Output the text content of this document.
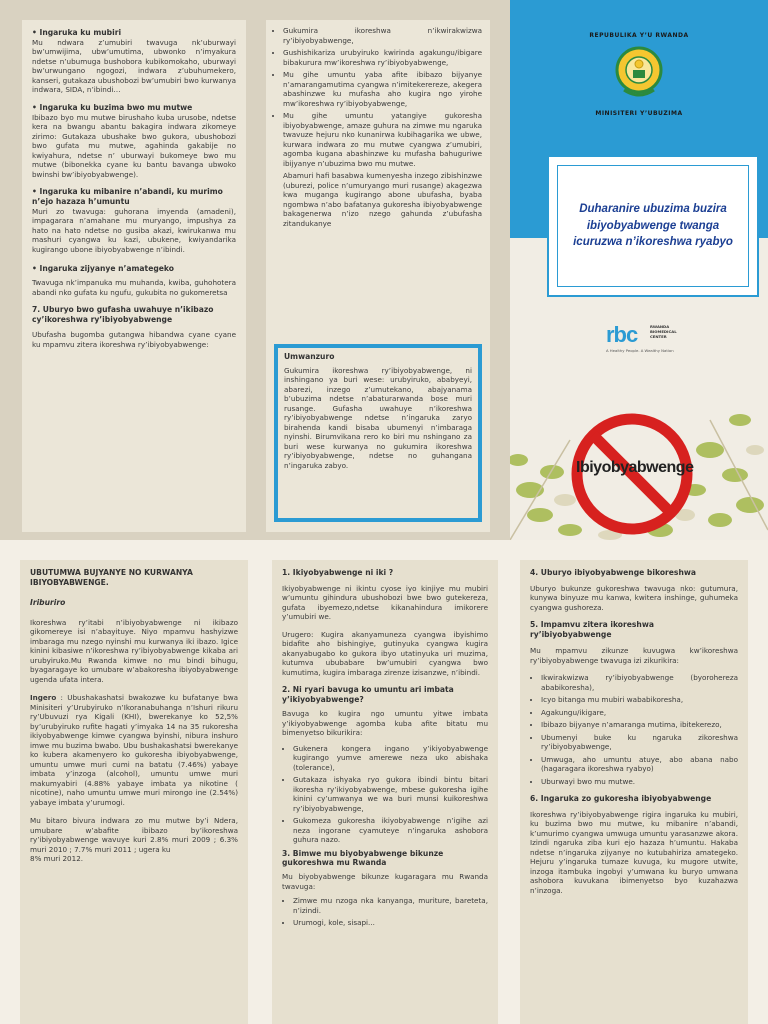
• Ingaruka ku mubiri

Mu ndwara z’umubiri twavuga nk’uburwayi bw’umwijima, ubw’umutima, ubwonko n’imyakura ndetse n’ubumuga bushobora kubikomokaho, uburwayi bw’urwungano ngogozi, indwara z’ubuhumekero, kanseri, gutakaza ubushobozi bw’umubiri bwo kurwanya indwara, SIDA, n’ibindi…

• Ingaruka ku buzima bwo mu mutwe

Ibibazo byo mu mutwe birushaho kuba urusobe, ndetse kera na bwangu abantu bakagira indwara zikomeye zirimo: Gutakaza ubushake bwo gukora, ubushobozi bwo gufata mu mutwe, agahinda gakabije no kwiyahura, ndetse n’ uburwayi bukomeye bwo mu mutwe (bibonekka cyane ku bantu bavanga ubwoko bwinshi bw’ibiyobyabwenge).

• Ingaruka ku mibanire n’abandi, ku murimo n’ejo hazaza h’umuntu

Muri zo twavuga: guhorana imyenda (amadeni), impagarara n’amahane mu muryango, impushya za hato na hato ndetse no gusiba akazi, kwirukanwa mu mashuri cyangwa ku kazi, ubukene, kwiyandarika kugirango ubone ibiyobyabwenge n’ibindi.

• Ingaruka zijyanye n’amategeko

Twavuga nk’impanuka mu muhanda, kwiba, guhohotera abandi nko gufata ku ngufu, gukubita no gukomeretsa

7. Uburyo bwo gufasha uwahuye n’ikibazo cy’ikoreshwa ry’ibiyobyabwenge

Ubufasha bugomba gutangwa hibandwa cyane cyane ku mpamvu zitera ikoreshwa ry’ibiyobyabwenge:

• Gukumira ikoreshwa n’ikwirakwizwa ry’ibiyobyabwenge,
• Gushishikariza urubyiruko kwirinda agakungu/ibigare bibakurura mw’ikoreshwa ry’ibiyobyabwenge,
• Mu gihe umuntu yaba afite ibibazo bijyanye n’amarangamutima cyangwa n’imitekerereze, akegera abashinzwe ku mufasha aho kugira ngo yirohe mw’ikoreshwa ry’ibiyobyabwenge,
• Mu gihe umuntu yatangiye gukoresha ibiyobyabwenge, amaze guhura na zimwe mu ngaruka twavuze hejuru nko kunanirwa kubihagarika we ubwe, kurwara indwara zo mu mutwe cyangwa z’umubiri, agomba kugana abashinzwe ku mufasha bahuguriwe ibijyanye n’ubuzima bwo mu mutwe.

Abamuri hafi basabwa kumenyesha inzego zibishinzwe (uburezi, police n’umuryango muri rusange) akagezwa kwa muganga kugirango abone ubufasha, byaba ngombwa n’abo bafatanya gukoresha ibiyobyabwenge bakagenerwa n’izo nzego gahunda z’ubufasha zitandukanye

Umwanzuro

Gukumira ikoreshwa ry’ibiyobyabwenge, ni inshingano ya buri wese: urubyiruko, ababyeyi, abarezi, inzego z’umutekano, abajyanama b’ubuzima ndetse n’abaturarwanda bose muri rusange. Gufasha uwahuye n’ikoreshwa ry’ibiyobyabwenge ndetse n’ingaruka zaryo birahenda kandi bisaba ubumenyi n’imbaraga nyinshi. Birumvikana rero ko biri mu nshingano za buri wese kurwanya no gukumira ikoreshwa ry’ibiyobyabwenge, ndetse no guhangana n’ingaruka zabyo.

REPUBULIKA Y’U RWANDA
MINISITERI Y’UBUZIMA

Duharanire ubuzima buzira ibiyobyabwenge twanga icuruzwa n’ikoreshwa ryabyo

rbc	RWANDA BIOMEDICAL CENTER
A Healthy People. A Wealthy Nation
Ibiyobyabwenge

UBUTUMWA BUJYANYE NO KURWANYA IBIYOBYABWENGE.

Iriburiro

Ikoreshwa ry’itabi n’ibiyobyabwenge ni ikibazo gikomereye isi n’abayituye. Niyo mpamvu hashyizwe imbaraga mu nzego nyinshi mu kurwanya iki ibazo. Igice kinini kibasiwe n’ikoreshwa ry’ibiyobyabwenge kikaba ari urubyiruko.Mu Rwanda kimwe no mu bindi bihugu, byagaragaye ko umubare w’abakoresha ibiyobyabwenge ugenda ufata intera.

Ingero : Ubushakashatsi bwakozwe ku bufatanye bwa Minisiteri y’Urubyiruko n’Ikoranabuhanga n’Ishuri rikuru ry’Ubuvuzi rya Kigali (KHI), bwerekanye ko 52,5% by’urubyiruko rufite hagati y’imyaka 14 na 35 rukoresha ikiyobyabwenge kimwe cyangwa byinshi, nibura inshuro imwe mu buzima bwabo. Ubu bushakashatsi bwerekanye ko kubera akamenyero ko gukoresha ibiyobyabwenge, umuntu umwe muri cumi na batatu (7.46%) yabaye imbata y’inzoga (alcohol), umuntu umwe muri makumyabiri (4.88% yabaye imbata ya nikotine ( nicotine), naho umuntu umwe muri mirongo ine (2.54%) yabaye imbata y’urumogi.

Mu bitaro bivura indwara zo mu mutwe by’i Ndera, umubare w’abafite ibibazo by’ikoreshwa ry’ibiyobyabwenge wavuye kuri 2.8% muri 2009 ; 6.3% muri 2010 ; 7.7% muri 2011 ; ugera ku

8% muri 2012.

1. Ikiyobyabwenge ni iki ?

Ikiyobyabwenge ni ikintu cyose iyo kinjiye mu mubiri w’umuntu gihindura ubushobozi bwe bwo gutekereza, gufata ibyemezo,ndetse kikanahindura imikorere y’umubiri we.

Urugero: Kugira akanyamuneza cyangwa ibyishimo bidafite aho bishingiye, gutinyuka cyangwa kugira akanyabugabo ko gukora ibyo utatinyuka uri muzima, kutumva ububabare bw’umubiri cyangwa bwo kumutima, kugira imbaraga zirenze izisanzwe, n’ibindi.

2. Ni ryari bavuga ko umuntu ari imbata y’ikiyobyabwenge?

Bavuga ko kugira ngo umuntu yitwe imbata y’ikiyobyabwenge agomba kuba afite bitatu mu bimenyetso bikurikira:

• Gukenera kongera ingano y’ikiyobyabwenge kugirango yumve amerewe neza uko abishaka (tolerance),
• Gutakaza ishyaka ryo gukora ibindi bintu bitari ikoresha ry’ikiyobyabwenge, mbese gukoresha igihe kinini cy’umwanya we wa buri munsi kuikoreshwa ry’ibiyobyabwenge,
• Gukomeza gukoresha ikiyobyabwenge n’igihe azi neza ingorane cyamuteye n’ingaruka ashobora guhura nazo.

3. Bimwe mu biyobyabwenge bikunze gukoreshwa mu Rwanda

Mu biyobyabwenge bikunze kugaragara mu Rwanda twavuga:

• Zimwe mu nzoga nka kanyanga, muriture, bareteta, n’izindi.
• Urumogi, kole, sisapi...

4. Uburyo ibiyobyabwenge bikoreshwa

Uburyo bukunze gukoreshwa twavuga nko: gutumura, kunywa binyuze mu kanwa, kwitera inshinge, guhumeka cyangwa gushoreza.

5. Impamvu zitera ikoreshwa ry’ibiyobyabwenge

Mu mpamvu zikunze kuvugwa kw’ikoreshwa ry’ibiyobyabwenge twavuga izi zikurikira:

• Ikwirakwizwa ry’ibiyobyabwenge (byorohereza ababikoresha),
• Icyo bitanga mu mubiri wababikoresha,
• Agakungu/ikigare,
• Ibibazo bijyanye n’amaranga mutima, ibitekerezo,
• Ubumenyi buke ku ngaruka zikoreshwa ry’ibiyobyabwenge,
• Umwuga, aho umuntu atuye, abo abana nabo (hagaragara ikoreshwa ryabyo)
• Uburwayi bwo mu mutwe.

6. Ingaruka zo gukoresha ibiyobyabwenge

Ikoreshwa ry’ibiyobyabwenge rigira ingaruka ku mubiri, ku buzima bwo mu mutwe, ku mibanire n’abandi, k’umurimo cyangwa umwuga umuntu yarasanzwe akora. Izindi ngaruka ziba kuri ejo hazaza h’umuntu. Hakaba ndetse n’ingaruka zijyanye no kutubahiriza amategeko. Hejuru y’ingaruka tumaze kuvuga, ku mugore utwite, inzoga itambuka ingobyi y’umwana ku buryo umwana ashobora kuvukana ibimenyetso byo kuzahazwa n’inzoga.
